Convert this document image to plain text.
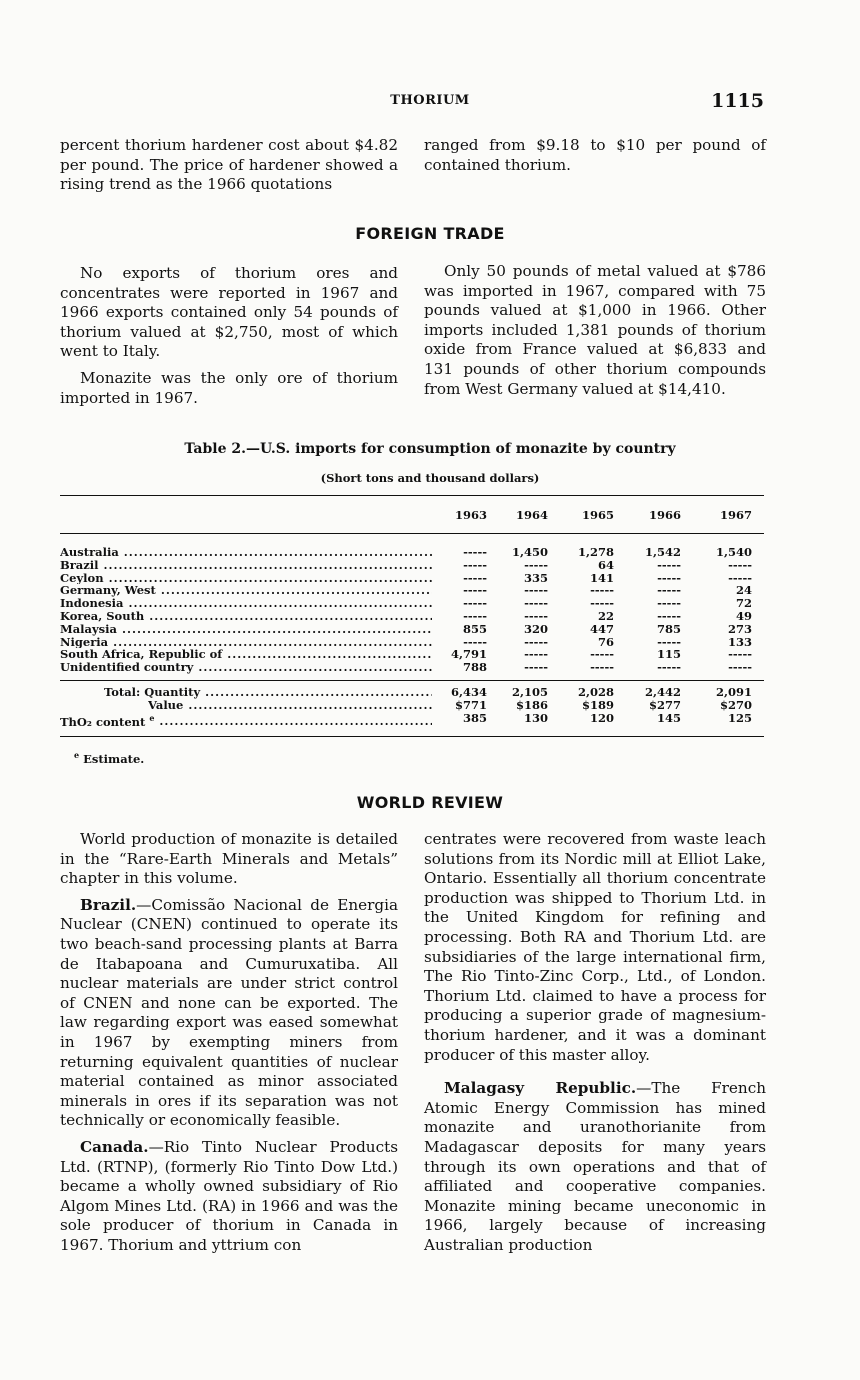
THORIUM	1115

percent thorium hardener cost about $4.82 per pound. The price of hardener showed a rising trend as the 1966 quotations

ranged from $9.18 to $10 per pound of contained thorium.

FOREIGN TRADE

No exports of thorium ores and concentrates were reported in 1967 and 1966 exports contained only 54 pounds of thorium valued at $2,750, most of which went to Italy.

Monazite was the only ore of thorium imported in 1967.

Only 50 pounds of metal valued at $786 was imported in 1967, compared with 75 pounds valued at $1,000 in 1966. Other imports included 1,381 pounds of thorium oxide from France valued at $6,833 and 131 pounds of other thorium compounds from West Germany valued at $14,410.

Table 2.—U.S. imports for consumption of monazite by country
(Short tons and thousand dollars)
1963	1964	1965	1966	1967
Australia .....	----- 1,450	1,278	1,542	1,540
Brazil .....	-----	-----	64	-----	-----
Ceylon .....	-----	335	141	-----	-----
Germany, West .....	-----	-----	-----	-----	24
Indonesia .....	-----	-----	-----	-----	72
Korea, South .....	-----	-----	22	-----	49
Malaysia .....	855	320	447	785	273
Nigeria .....	-----	-----	76	-----	133
South Africa, Republic of .....	4,791	-----	-----	115	-----
Unidentified country .....	788	-----	-----	-----	-----
Total: Quantity .....	6,434 2,105	2,028	2,442	2,091
Value .....	$771	$186	$189	$277	$270
ThO₂ content $^e$ .....	385	130	120	145	125
$^e$ Estimate.
WORLD REVIEW

World production of monazite is detailed in the “Rare-Earth Minerals and Metals” chapter in this volume.

Brazil.—Comissão Nacional de Energia Nuclear (CNEN) continued to operate its two beach-sand processing plants at Barra de Itabapoana and Cumuruxatiba. All nuclear materials are under strict control of CNEN and none can be exported. The law regarding export was eased somewhat in 1967 by exempting miners from returning equivalent quantities of nuclear material contained as minor associated minerals in ores if its separation was not technically or economically feasible.

Canada.—Rio Tinto Nuclear Products Ltd. (RTNP), (formerly Rio Tinto Dow Ltd.) became a wholly owned subsidiary of Rio Algom Mines Ltd. (RA) in 1966 and was the sole producer of thorium in Canada in 1967. Thorium and yttrium con

centrates were recovered from waste leach solutions from its Nordic mill at Elliot Lake, Ontario. Essentially all thorium concentrate production was shipped to Thorium Ltd. in the United Kingdom for refining and processing. Both RA and Thorium Ltd. are subsidiaries of the large international firm, The Rio Tinto-Zinc Corp., Ltd., of London. Thorium Ltd. claimed to have a process for producing a superior grade of magnesium-thorium hardener, and it was a dominant producer of this master alloy.

Malagasy Republic.—The French Atomic Energy Commission has mined monazite and uranothorianite from Madagascar deposits for many years through its own operations and that of affiliated and cooperative companies. Monazite mining became uneconomic in 1966, largely because of increasing Australian production
